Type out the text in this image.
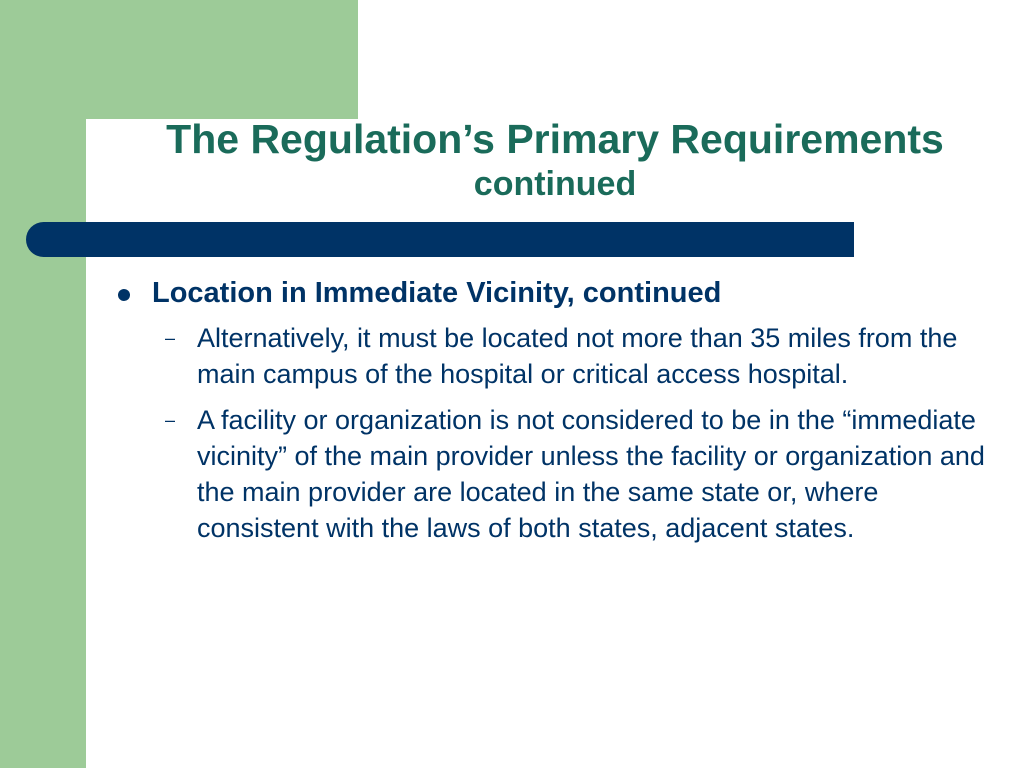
The Regulation’s Primary Requirements
continued
Location in Immediate Vicinity, continued
– Alternatively, it must be located not more than 35 miles from the main campus of the hospital or critical access hospital.
– A facility or organization is not considered to be in the “immediate vicinity” of the main provider unless the facility or organization and the main provider are located in the same state or, where consistent with the laws of both states, adjacent states.
